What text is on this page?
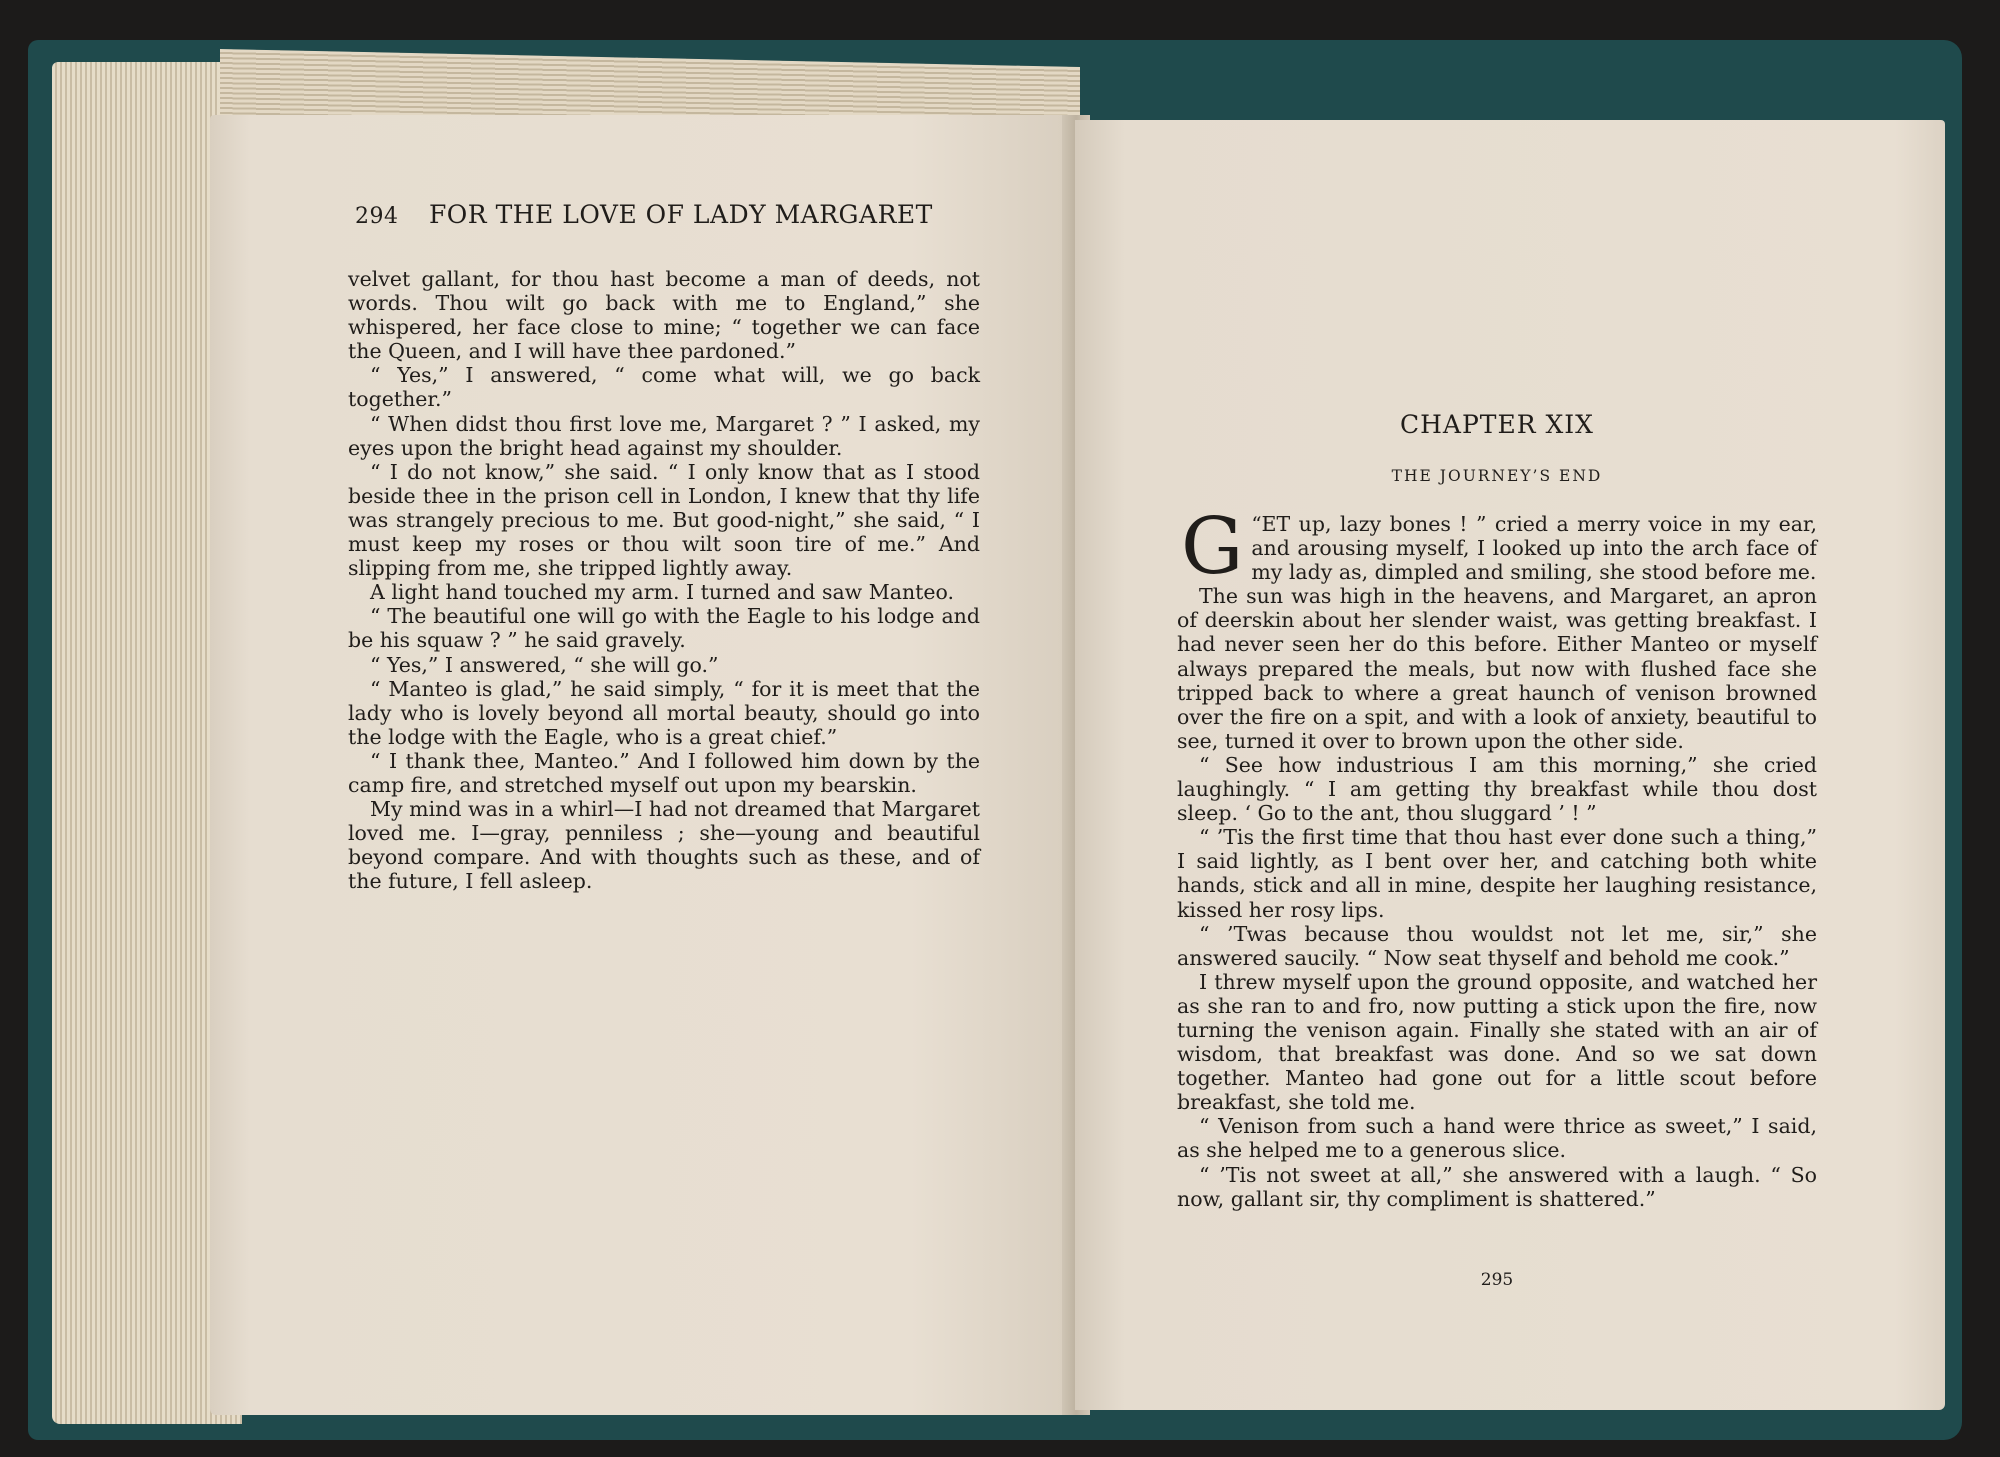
294 FOR THE LOVE OF LADY MARGARET

velvet gallant, for thou hast become a man of deeds, not words. Thou wilt go back with me to England,” she whispered, her face close to mine; “ together we can face the Queen, and I will have thee pardoned.”

“ Yes,” I answered, “ come what will, we go back together.”

“ When didst thou first love me, Margaret ? ” I asked, my eyes upon the bright head against my shoulder.

“ I do not know,” she said. “ I only know that as I stood beside thee in the prison cell in London, I knew that thy life was strangely precious to me. But good-night,” she said, “ I must keep my roses or thou wilt soon tire of me.” And slipping from me, she tripped lightly away.

A light hand touched my arm. I turned and saw Manteo.

“ The beautiful one will go with the Eagle to his lodge and be his squaw ? ” he said gravely.

“ Yes,” I answered, “ she will go.”

“ Manteo is glad,” he said simply, “ for it is meet that the lady who is lovely beyond all mortal beauty, should go into the lodge with the Eagle, who is a great chief.”

“ I thank thee, Manteo.” And I followed him down by the camp fire, and stretched myself out upon my bearskin.

My mind was in a whirl—I had not dreamed that Margaret loved me. I—gray, penniless ; she—young and beautiful beyond compare. And with thoughts such as these, and of the future, I fell asleep.

CHAPTER XIX
THE JOURNEY’S END

“
G ET up, lazy bones ! ” cried a merry voice in my ear, and arousing myself, I looked up into the arch face of my lady as, dimpled and smiling, she stood before me.

The sun was high in the heavens, and Margaret, an apron of deerskin about her slender waist, was getting breakfast. I had never seen her do this before. Either Manteo or myself always prepared the meals, but now with flushed face she tripped back to where a great haunch of venison browned over the fire on a spit, and with a look of anxiety, beautiful to see, turned it over to brown upon the other side.

“ See how industrious I am this morning,” she cried laughingly. “ I am getting thy breakfast while thou dost sleep. ‘ Go to the ant, thou sluggard ’ ! ”

“ ’Tis the first time that thou hast ever done such a thing,” I said lightly, as I bent over her, and catching both white hands, stick and all in mine, despite her laughing resistance, kissed her rosy lips.

“ ’Twas because thou wouldst not let me, sir,” she answered saucily. “ Now seat thyself and behold me cook.”

I threw myself upon the ground opposite, and watched her as she ran to and fro, now putting a stick upon the fire, now turning the venison again. Finally she stated with an air of wisdom, that breakfast was done. And so we sat down together. Manteo had gone out for a little scout before breakfast, she told me.

“ Venison from such a hand were thrice as sweet,” I said, as she helped me to a generous slice.

“ ’Tis not sweet at all,” she answered with a laugh. “ So now, gallant sir, thy compliment is shattered.”

295
